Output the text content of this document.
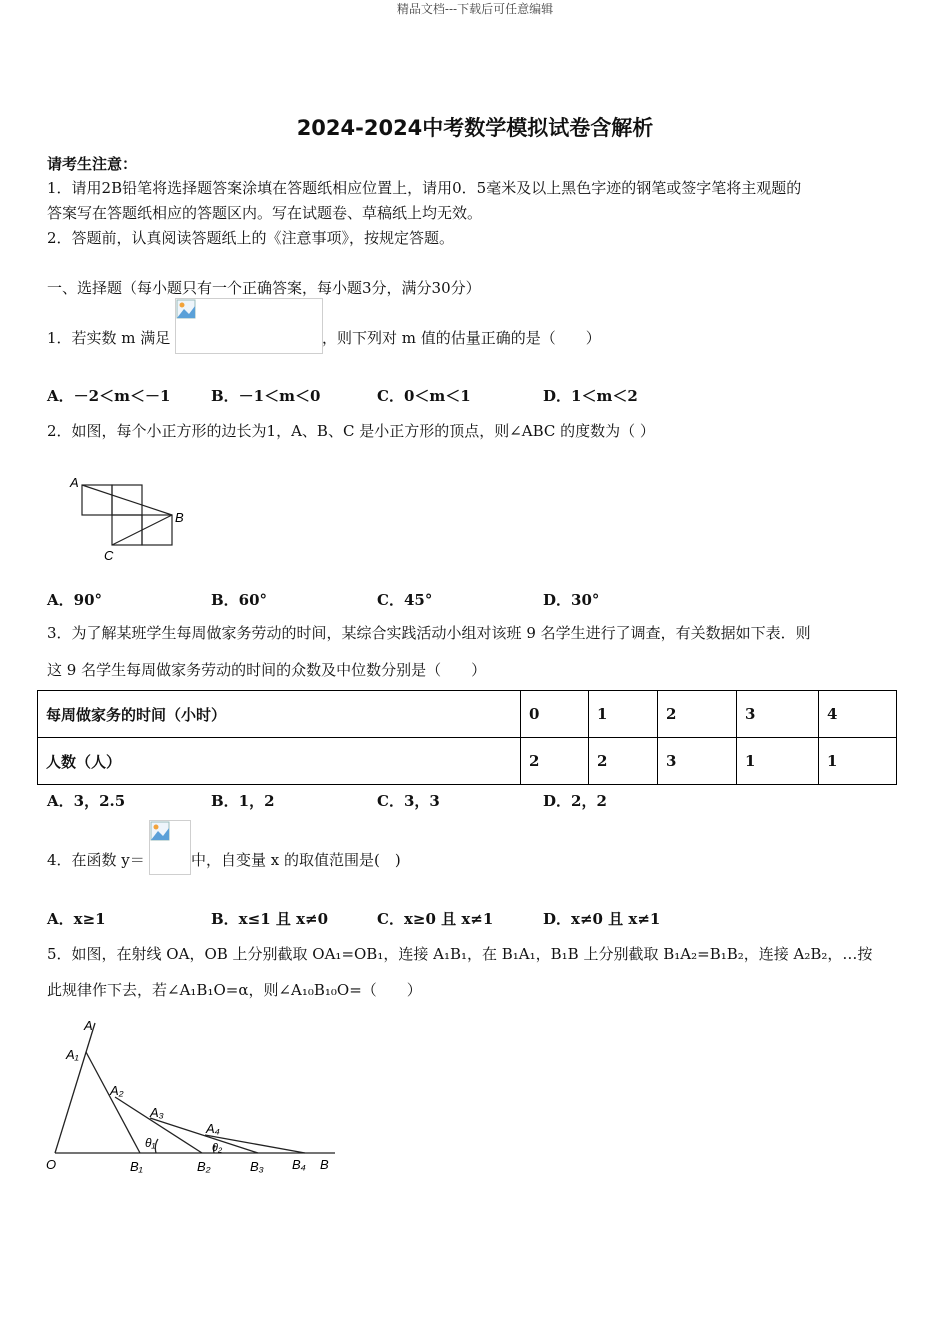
精品文档---下载后可任意编辑
2024-2024中考数学模拟试卷含解析
请考生注意：
1．请用2B铅笔将选择题答案涂填在答题纸相应位置上，请用0．5毫米及以上黑色字迹的钢笔或签字笔将主观题的
答案写在答题纸相应的答题区内。写在试题卷、草稿纸上均无效。
2．答题前，认真阅读答题纸上的《注意事项》，按规定答题。
一、选择题（每小题只有一个正确答案，每小题3分，满分30分）
1．若实数 m 满足	，则下列对 m 值的估量正确的是（　　）
A．－2＜m＜－1	B．－1＜m＜0	C．0＜m＜1	D．1＜m＜2
2．如图，每个小正方形的边长为1，A、B、C 是小正方形的顶点，则∠ABC 的度数为（ ）
A
B
C
A．90°	B．60°	C．45°	D．30°
3．为了解某班学生每周做家务劳动的时间，某综合实践活动小组对该班 9 名学生进行了调查，有关数据如下表．则
这 9 名学生每周做家务劳动的时间的众数及中位数分别是（　　）
每周做家务的时间（小时）	0	1	2	3	4
人数（人）	2	2	3	1	1
A．3，2.5	B．1，2	C．3，3	D．2，2
4．在函数 y＝	中，自变量 x 的取值范围是(　)
A．x≥1	B．x≤1 且 x≠0	C．x≥0 且 x≠1	D．x≠0 且 x≠1
5．如图，在射线 OA，OB 上分别截取 OA₁=OB₁，连接 A₁B₁，在 B₁A₁，B₁B 上分别截取 B₁A₂=B₁B₂，连接 A₂B₂，…按
此规律作下去，若∠A₁B₁O=α，则∠A₁₀B₁₀O=（　　）
A
A₁
A₂
A₃
A₄
θ₁	θ₂
O	B₁	B₂	B₃ B₄ B
